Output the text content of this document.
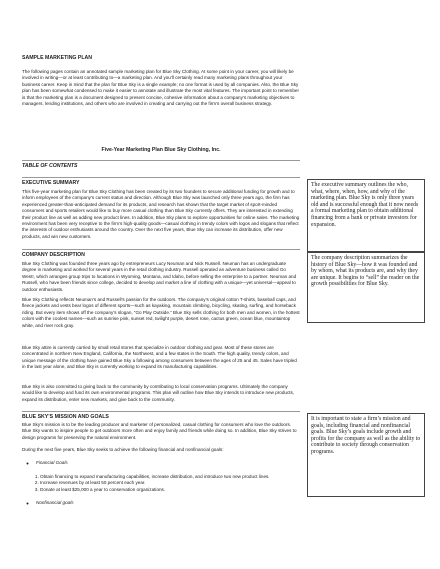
SAMPLE MARKETING PLAN

The following pages contain an annotated sample marketing plan for Blue Sky Clothing. At some point in your career, you will likely be involved in writing—or at least contributing to—a marketing plan. And you’ll certainly read many marketing plans throughout your business career. Keep in mind that the plan for Blue Sky is a single example; no one format is used by all companies. Also, the Blue Sky plan has been somewhat condensed to make it easier to annotate and illustrate the most vital features. The important point to remember is that the marketing plan is a document designed to present concise, cohesive information about a company’s marketing objectives to managers, lending institutions, and others who are involved in creating and carrying out the firm’s overall business strategy.

Five-Year Marketing Plan Blue Sky Clothing, Inc.

TABLE OF CONTENTS

EXECUTIVE SUMMARY

This five-year marketing plan for Blue Sky Clothing has been created by its two founders to secure additional funding for growth and to inform employees of the company’s current status and direction. Although Blue Sky was launched only three years ago, the firm has experienced greater-than-anticipated demand for its products, and research has shown that the target market of sport-minded consumers and sports retailers would like to buy more casual clothing than Blue Sky currently offers. They are interested in extending their product line as well as adding new product lines. In addition, Blue Sky plans to explore opportunities for online sales. The marketing environment has been very receptive to the firm’s high-quality goods—casual clothing in trendy colors with logos and slogans that reflect the interests of outdoor enthusiasts around the country. Over the next five years, Blue Sky can increase its distribution, offer new products, and win new customers.

COMPANY DESCRIPTION

Blue Sky Clothing was founded three years ago by entrepreneurs Lucy Neuman and Nick Russell. Neuman has an undergraduate degree in marketing and worked for several years in the retail clothing industry. Russell operated an adventure business called Go West!, which arranges group trips to locations in Wyoming, Montana, and Idaho, before selling the enterprise to a partner. Neuman and Russell, who have been friends since college, decided to develop and market a line of clothing with a unique—yet universal—appeal to outdoor enthusiasts.

Blue Sky Clothing reflects Neuman’s and Russell’s passion for the outdoors. The company’s original cotton T-shirts, baseball caps, and fleece jackets and vests bear logos of different sports—such as kayaking, mountain climbing, bicycling, skating, surfing, and horseback riding. But every item shows off the company’s slogan, “Go Play Outside.” Blue Sky sells clothing for both men and women, in the hottest colors with the coolest names—such as sunrise pink, sunset red, twilight purple, desert rose, cactus green, ocean blue, mountaintop white, and river rock gray.

Blue Sky attire is currently carried by small retail stores that specialize in outdoor clothing and gear. Most of these stores are concentrated in northern New England, California, the Northwest, and a few states in the South. The high quality, trendy colors, and unique message of the clothing have gained Blue Sky a following among consumers between the ages of 25 and 45. Sales have tripled in the last year alone, and Blue Sky is currently working to expand its manufacturing capabilities.

Blue Sky is also committed to giving back to the community by contributing to local conservation programs. Ultimately the company would like to develop and fund its own environmental programs. This plan will outline how Blue Sky intends to introduce new products, expand its distribution, enter new markets, and give back to the community.

BLUE SKY’S MISSION AND GOALS

Blue Sky’s mission is to be the leading producer and marketer of personalized, casual clothing for consumers who love the outdoors. Blue Sky wants to inspire people to get outdoors more often and enjoy family and friends while doing so. In addition, Blue Sky strives to design programs for preserving the natural environment.

During the next five years, Blue Sky seeks to achieve the following financial and nonfinancial goals:

◦ Financial Goals
1. Obtain financing to expand manufacturing capabilities, increase distribution, and introduce two new product lines.
2. Increase revenues by at least 50 percent each year.
3. Donate at least $25,000 a year to conservation organizations.
◦ Nonfinancial goals
The executive summary outlines the who, what, where, when, how, and why of the marketing plan. Blue Sky is only three years old and is successful enough that it now needs a formal marketing plan to obtain additional financing from a bank or private investors for expansion.
The company description summarizes the history of Blue Sky—how it was founded and by whom, what its products are, and why they are unique. It begins to “sell” the reader on the growth possibilities for Blue Sky.
It is important to state a firm’s mission and goals, including financial and nonfinancial goals. Blue Sky’s goals include growth and profits for the company as well as the ability to contribute to society through conservation programs.
